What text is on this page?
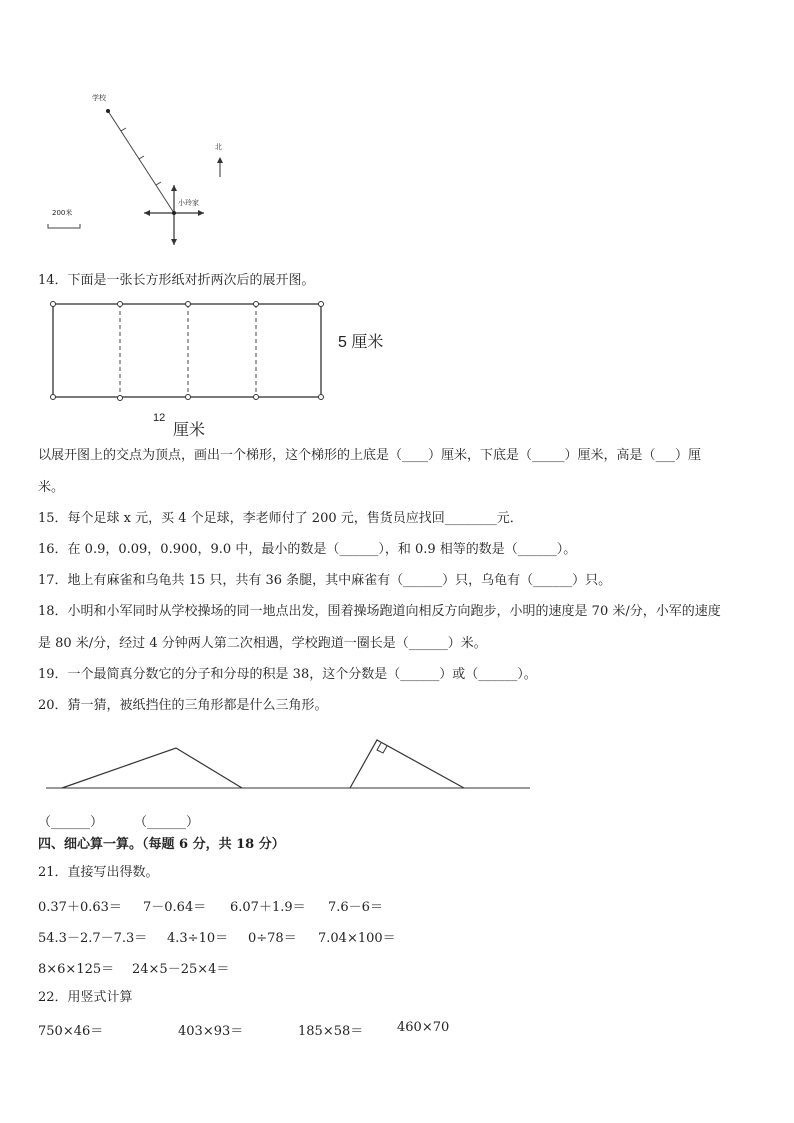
学校
小玲家
北
200米
14．下面是一张长方形纸对折两次后的展开图。
5 厘米
12
厘米
以展开图上的交点为顶点，画出一个梯形，这个梯形的上底是（____）厘米，下底是（_____）厘米，高是（___）厘
米。
15．每个足球 x 元，买 4 个足球，李老师付了 200 元，售货员应找回________元．
16．在 0.9，0.09，0.900，9.0 中，最小的数是（______），和 0.9 相等的数是（______）。
17．地上有麻雀和乌龟共 15 只，共有 36 条腿，其中麻雀有（______）只，乌龟有（______）只。
18．小明和小军同时从学校操场的同一地点出发，围着操场跑道向相反方向跑步，小明的速度是 70 米/分，小军的速度
是 80 米/分，经过 4 分钟两人第二次相遇，学校跑道一圈长是（______）米。
19．一个最简真分数它的分子和分母的积是 38，这个分数是（______）或（______）。
20．猜一猜，被纸挡住的三角形都是什么三角形。
（______） （______）
四、细心算一算。（每题 6 分，共 18 分）
21．直接写出得数。
0.37＋0.63＝ 7－0.64＝ 6.07＋1.9＝ 7.6－6＝
54.3－2.7－7.3＝ 4.3÷10＝ 0÷78＝ 7.04×100＝
8×6×125＝ 24×5－25×4＝
22．用竖式计算
750×46＝	403×93＝	185×58＝	460×70
